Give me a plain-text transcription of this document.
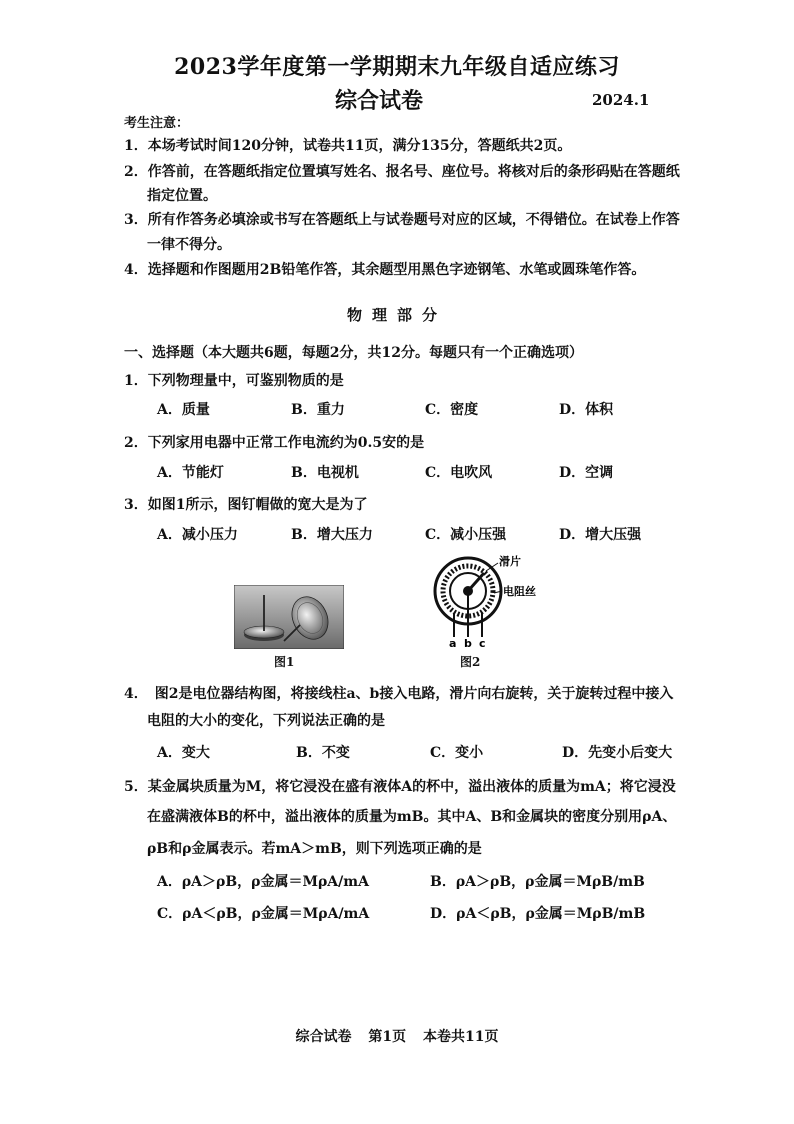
2023学年度第一学期期末九年级自适应练习
综合试卷	2024.1
考生注意：
1．本场考试时间120分钟，试卷共11页，满分135分，答题纸共2页。
2．作答前，在答题纸指定位置填写姓名、报名号、座位号。将核对后的条形码贴在答题纸
指定位置。
3．所有作答务必填涂或书写在答题纸上与试卷题号对应的区域，不得错位。在试卷上作答
一律不得分。
4．选择题和作图题用2B铅笔作答，其余题型用黑色字迹钢笔、水笔或圆珠笔作答。
物理部分
一、选择题（本大题共6题，每题2分，共12分。每题只有一个正确选项）
1．下列物理量中，可鉴别物质的是
A．质量	B．重力	C．密度	D．体积
2．下列家用电器中正常工作电流约为0.5安的是
A．节能灯	B．电视机	C．电吹风	D．空调
3．如图1所示，图钉帽做的宽大是为了
A．减小压力	B．增大压力	C．减小压强	D．增大压强
图1
a b c
滑片
电阻丝
图2
4．　图2是电位器结构图，将接线柱a、b接入电路，滑片向右旋转，关于旋转过程中接入
电阻的大小的变化，下列说法正确的是
A．变大	B．不变	C．变小	D．先变小后变大
5．某金属块质量为M，将它浸没在盛有液体A的杯中，溢出液体的质量为mA；将它浸没
在盛满液体B的杯中，溢出液体的质量为mB。其中A、B和金属块的密度分别用ρA、
ρB和ρ金属表示。若mA＞mB，则下列选项正确的是
A．ρA＞ρB，ρ金属＝MρA/mA	B．ρA＞ρB，ρ金属＝MρB/mB
C．ρA＜ρB，ρ金属＝MρA/mA	D．ρA＜ρB，ρ金属＝MρB/mB
综合试卷 第1页 本卷共11页
